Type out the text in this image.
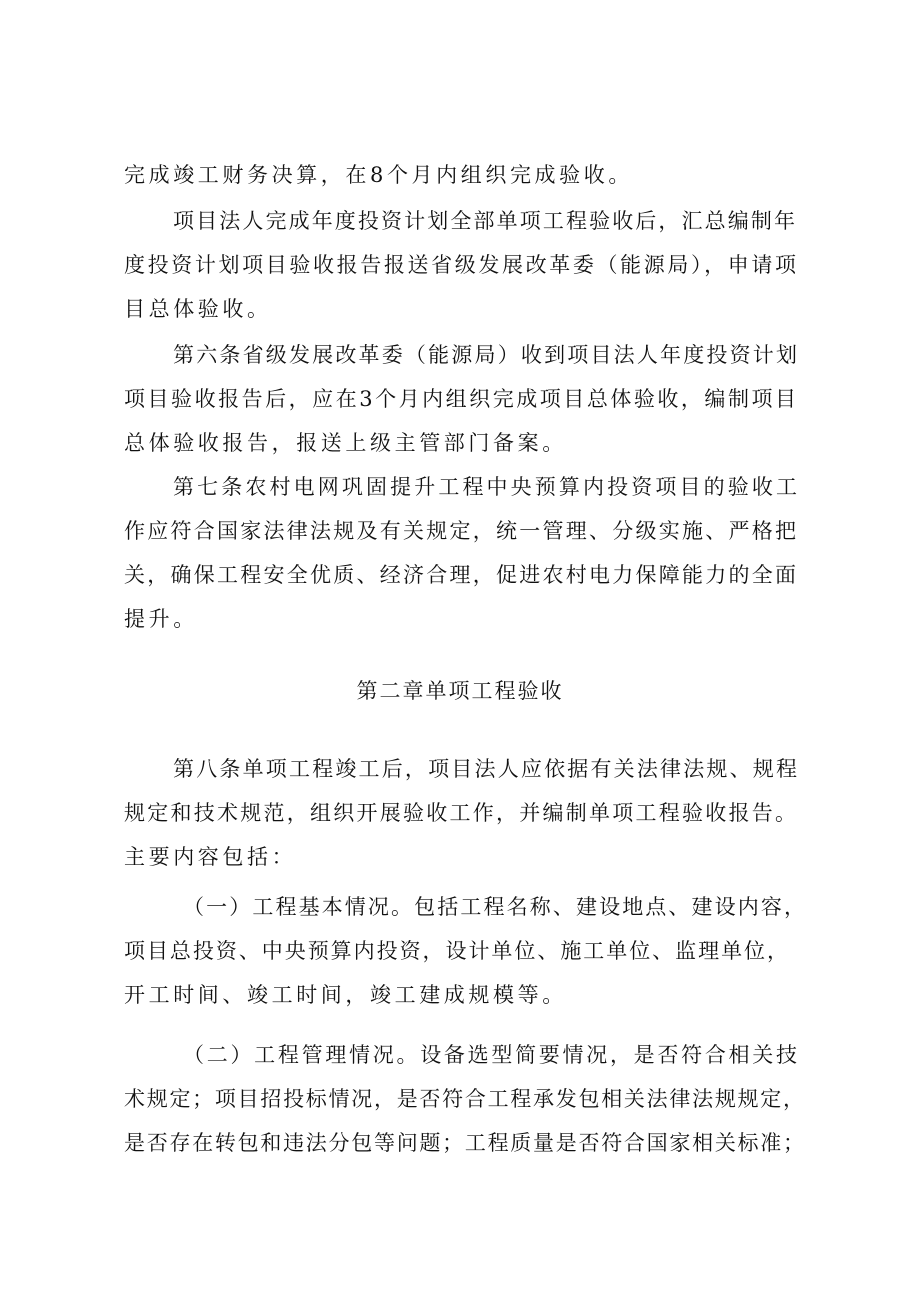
完成竣工财务决算，在8个月内组织完成验收。
项目法人完成年度投资计划全部单项工程验收后，汇总编制年
度投资计划项目验收报告报送省级发展改革委（能源局），申请项
目总体验收。
第六条省级发展改革委（能源局）收到项目法人年度投资计划
项目验收报告后，应在3个月内组织完成项目总体验收，编制项目
总体验收报告，报送上级主管部门备案。
第七条农村电网巩固提升工程中央预算内投资项目的验收工
作应符合国家法律法规及有关规定，统一管理、分级实施、严格把
关，确保工程安全优质、经济合理，促进农村电力保障能力的全面
提升。
第二章单项工程验收
第八条单项工程竣工后，项目法人应依据有关法律法规、规程
规定和技术规范，组织开展验收工作，并编制单项工程验收报告。
主要内容包括：
（一）工程基本情况。包括工程名称、建设地点、建设内容，
项目总投资、中央预算内投资，设计单位、施工单位、监理单位，
开工时间、竣工时间，竣工建成规模等。
（二）工程管理情况。设备选型简要情况，是否符合相关技
术规定；项目招投标情况，是否符合工程承发包相关法律法规规定，
是否存在转包和违法分包等问题；工程质量是否符合国家相关标准；
